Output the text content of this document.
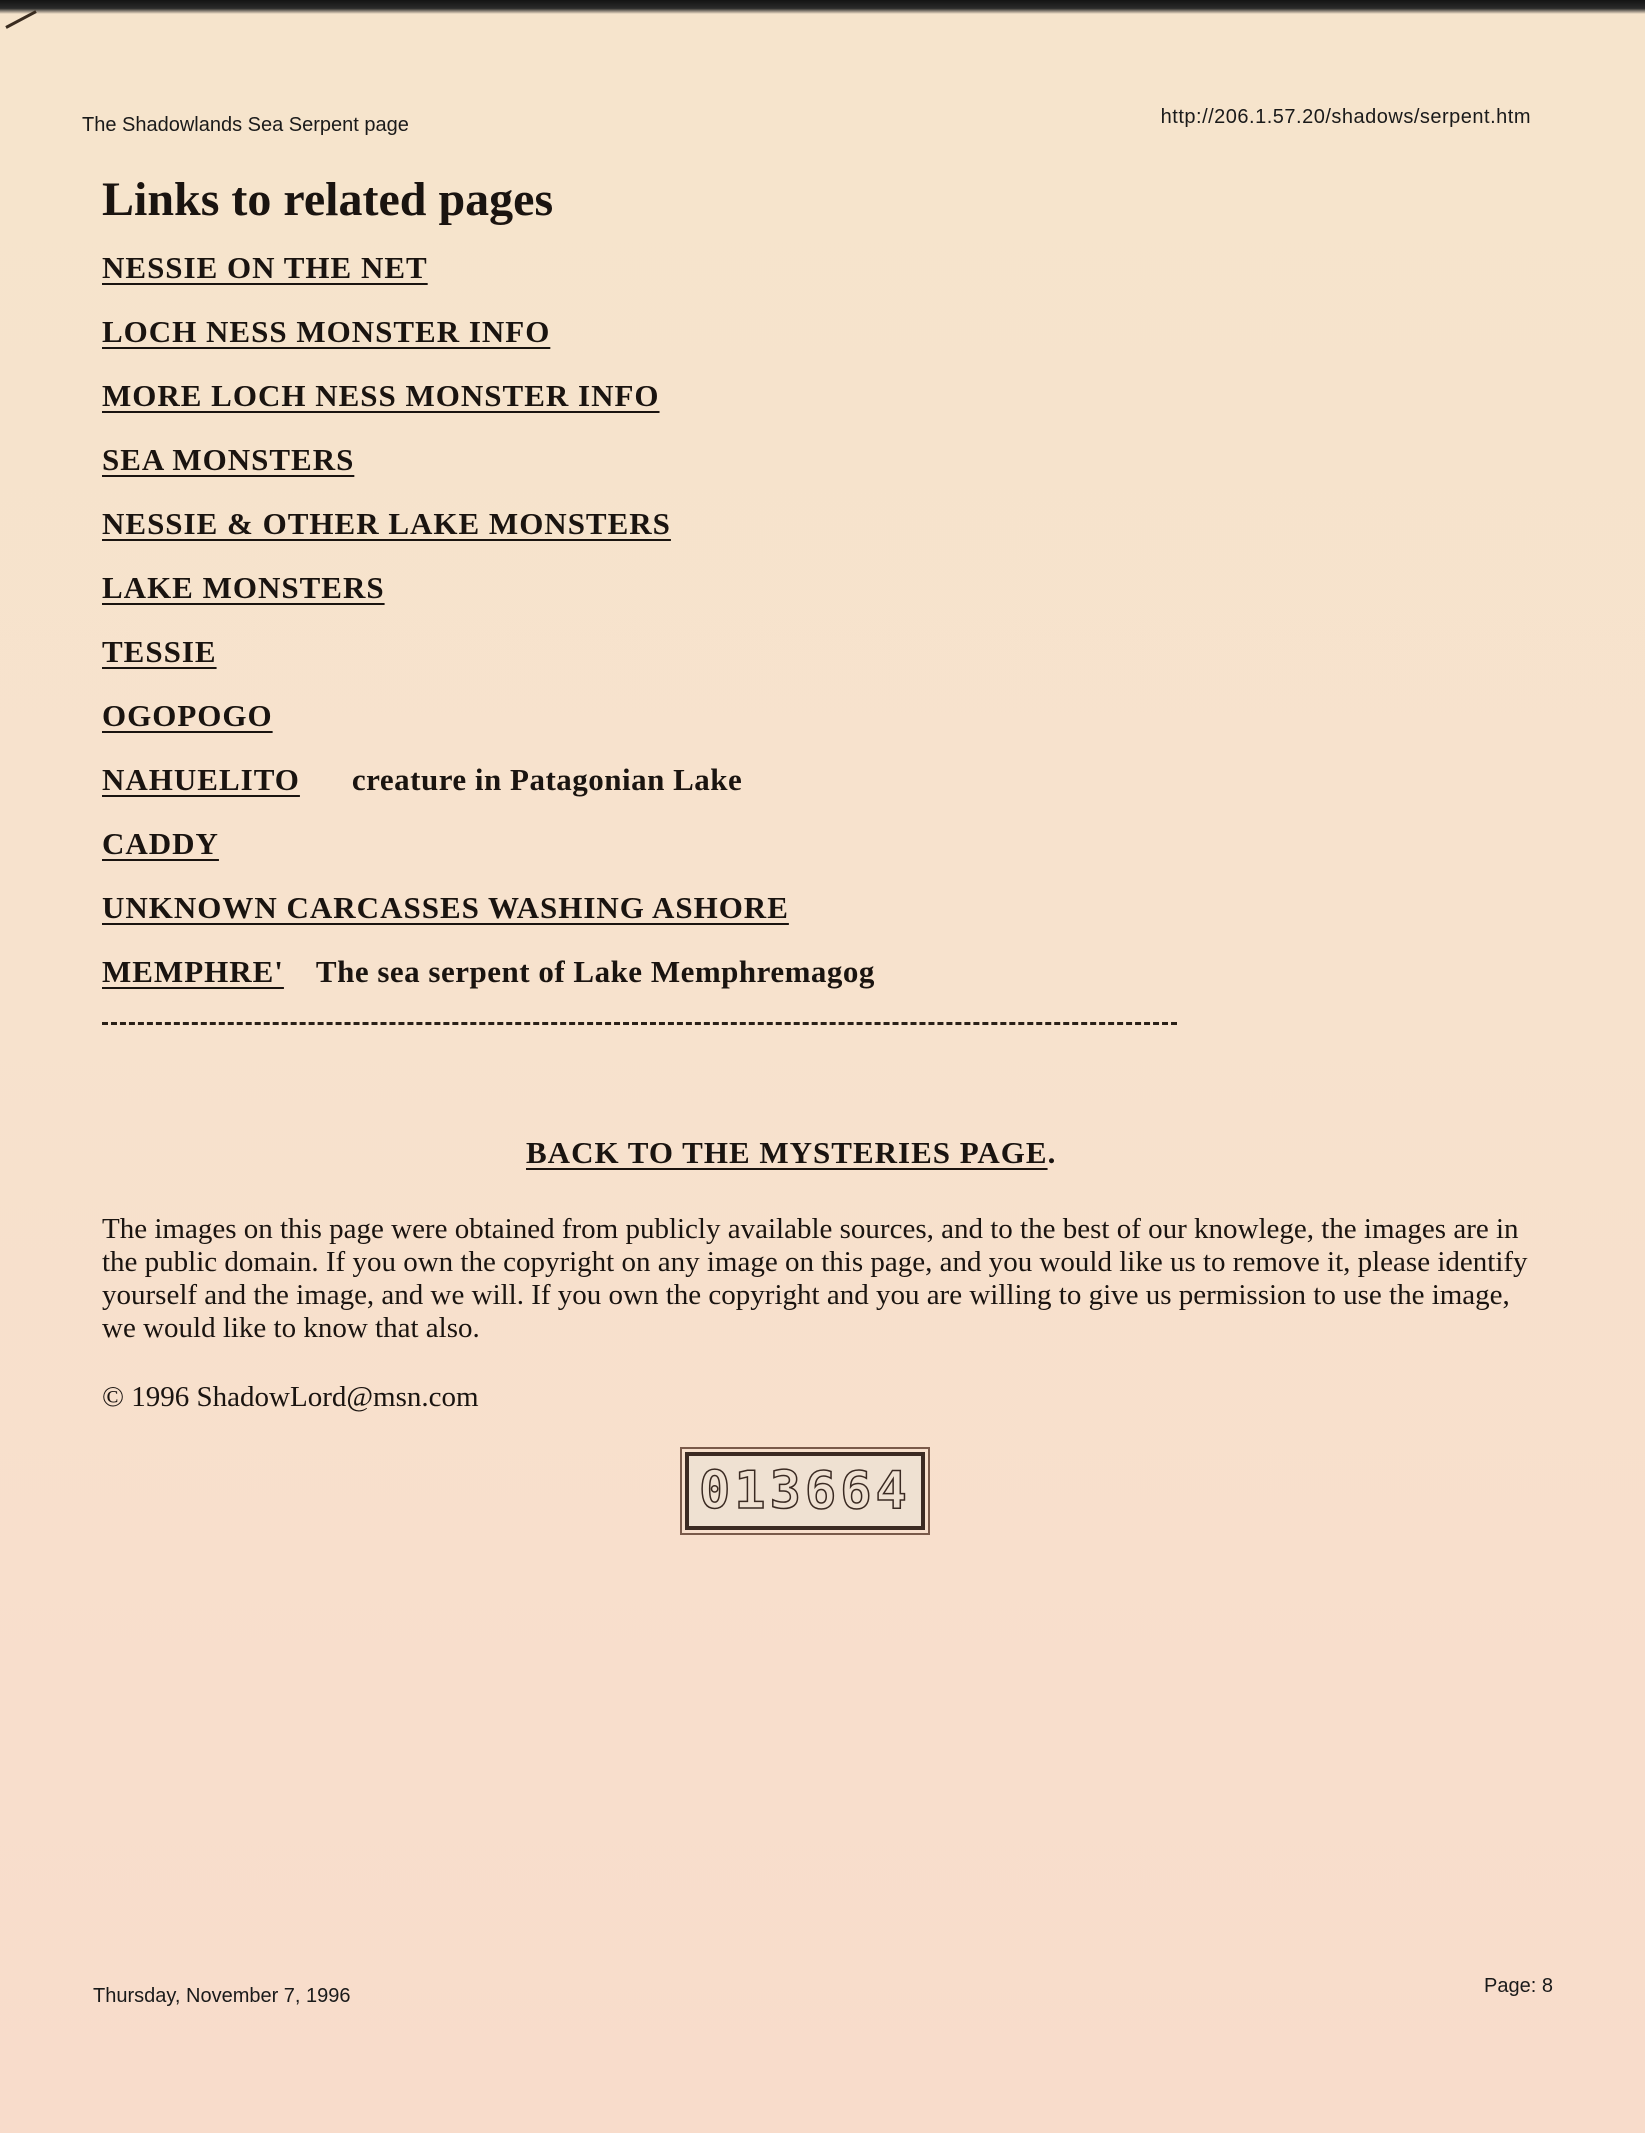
The Shadowlands Sea Serpent page	http://206.1.57.20/shadows/serpent.htm
Links to related pages
NESSIE ON THE NET
LOCH NESS MONSTER INFO
MORE LOCH NESS MONSTER INFO
SEA MONSTERS
NESSIE & OTHER LAKE MONSTERS
LAKE MONSTERS
TESSIE
OGOPOGO
NAHUELITO creature in Patagonian Lake
CADDY
UNKNOWN CARCASSES WASHING ASHORE
MEMPHRE' The sea serpent of Lake Memphremagog
BACK TO THE MYSTERIES PAGE.

The images on this page were obtained from publicly available sources, and to the best of our knowlege, the images are in the public domain. If you own the copyright on any image on this page, and you would like us to remove it, please identify yourself and the image, and we will. If you own the copyright and you are willing to give us permission to use the image, we would like to know that also.

© 1996 ShadowLord@msn.com
013664
Thursday, November 7, 1996	Page: 8
